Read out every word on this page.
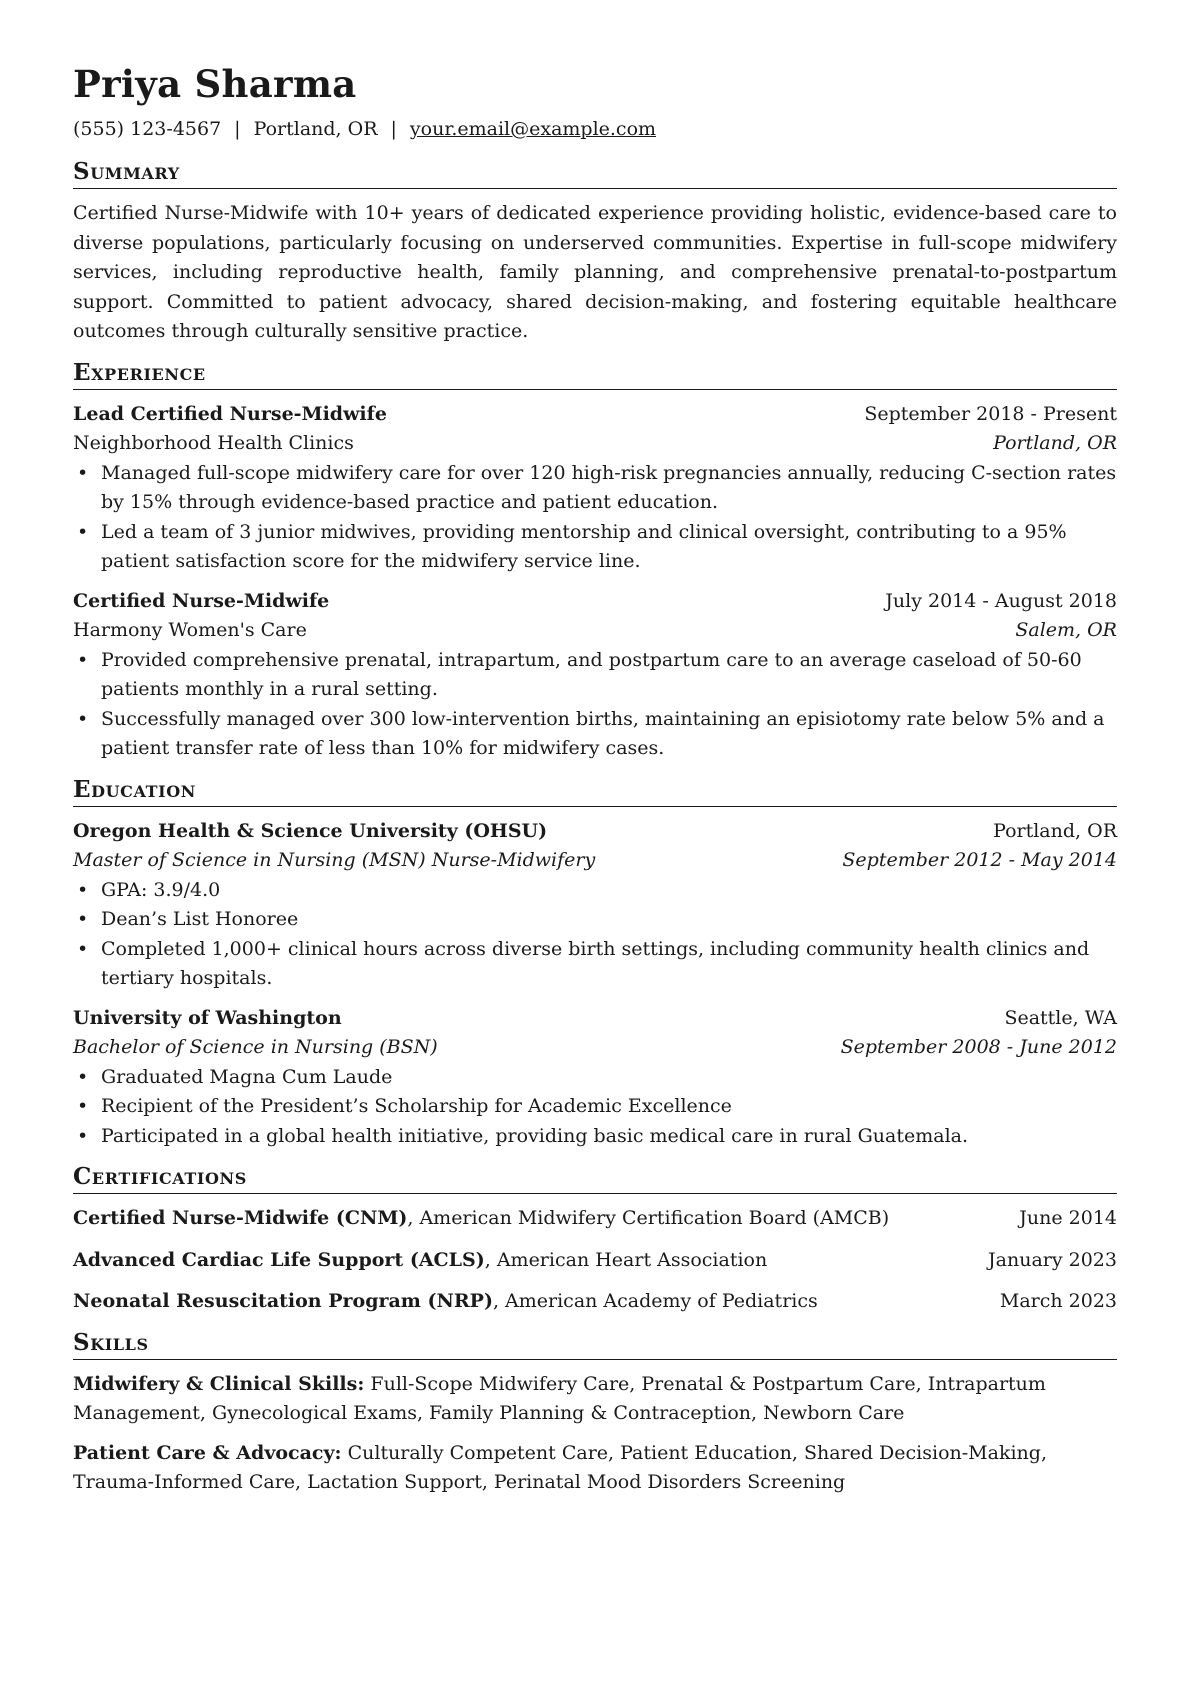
Priya Sharma
(555) 123-4567 | Portland, OR | your.email@example.com
Summary

Certified Nurse-Midwife with 10+ years of dedicated experience providing holistic, evidence-based care to diverse populations, particularly focusing on underserved communities. Expertise in full-scope midwifery services, including reproductive health, family planning, and comprehensive prenatal-to-postpartum support. Committed to patient advocacy, shared decision-making, and fostering equitable healthcare outcomes through culturally sensitive practice.

Experience
Lead Certified Nurse-Midwife	September 2018 - Present
Neighborhood Health Clinics	Portland, OR
• Managed full-scope midwifery care for over 120 high-risk pregnancies annually, reducing C-section rates by 15% through evidence-based practice and patient education.
• Led a team of 3 junior midwives, providing mentorship and clinical oversight, contributing to a 95% patient satisfaction score for the midwifery service line.
Certified Nurse-Midwife	July 2014 - August 2018
Harmony Women's Care	Salem, OR
• Provided comprehensive prenatal, intrapartum, and postpartum care to an average caseload of 50-60 patients monthly in a rural setting.
• Successfully managed over 300 low-intervention births, maintaining an episiotomy rate below 5% and a patient transfer rate of less than 10% for midwifery cases.
Education
Oregon Health & Science University (OHSU)	Portland, OR
Master of Science in Nursing (MSN) Nurse-Midwifery	September 2012 - May 2014
• GPA: 3.9/4.0
• Dean’s List Honoree
• Completed 1,000+ clinical hours across diverse birth settings, including community health clinics and tertiary hospitals.
University of Washington	Seattle, WA
Bachelor of Science in Nursing (BSN)	September 2008 - June 2012
• Graduated Magna Cum Laude
• Recipient of the President’s Scholarship for Academic Excellence
• Participated in a global health initiative, providing basic medical care in rural Guatemala.
Certifications
Certified Nurse-Midwife (CNM), American Midwifery Certification Board (AMCB)	June 2014
Advanced Cardiac Life Support (ACLS), American Heart Association	January 2023
Neonatal Resuscitation Program (NRP), American Academy of Pediatrics	March 2023
Skills
Midwifery & Clinical Skills: Full-Scope Midwifery Care, Prenatal & Postpartum Care, Intrapartum Management, Gynecological Exams, Family Planning & Contraception, Newborn Care
Patient Care & Advocacy: Culturally Competent Care, Patient Education, Shared Decision-Making, Trauma-Informed Care, Lactation Support, Perinatal Mood Disorders Screening
